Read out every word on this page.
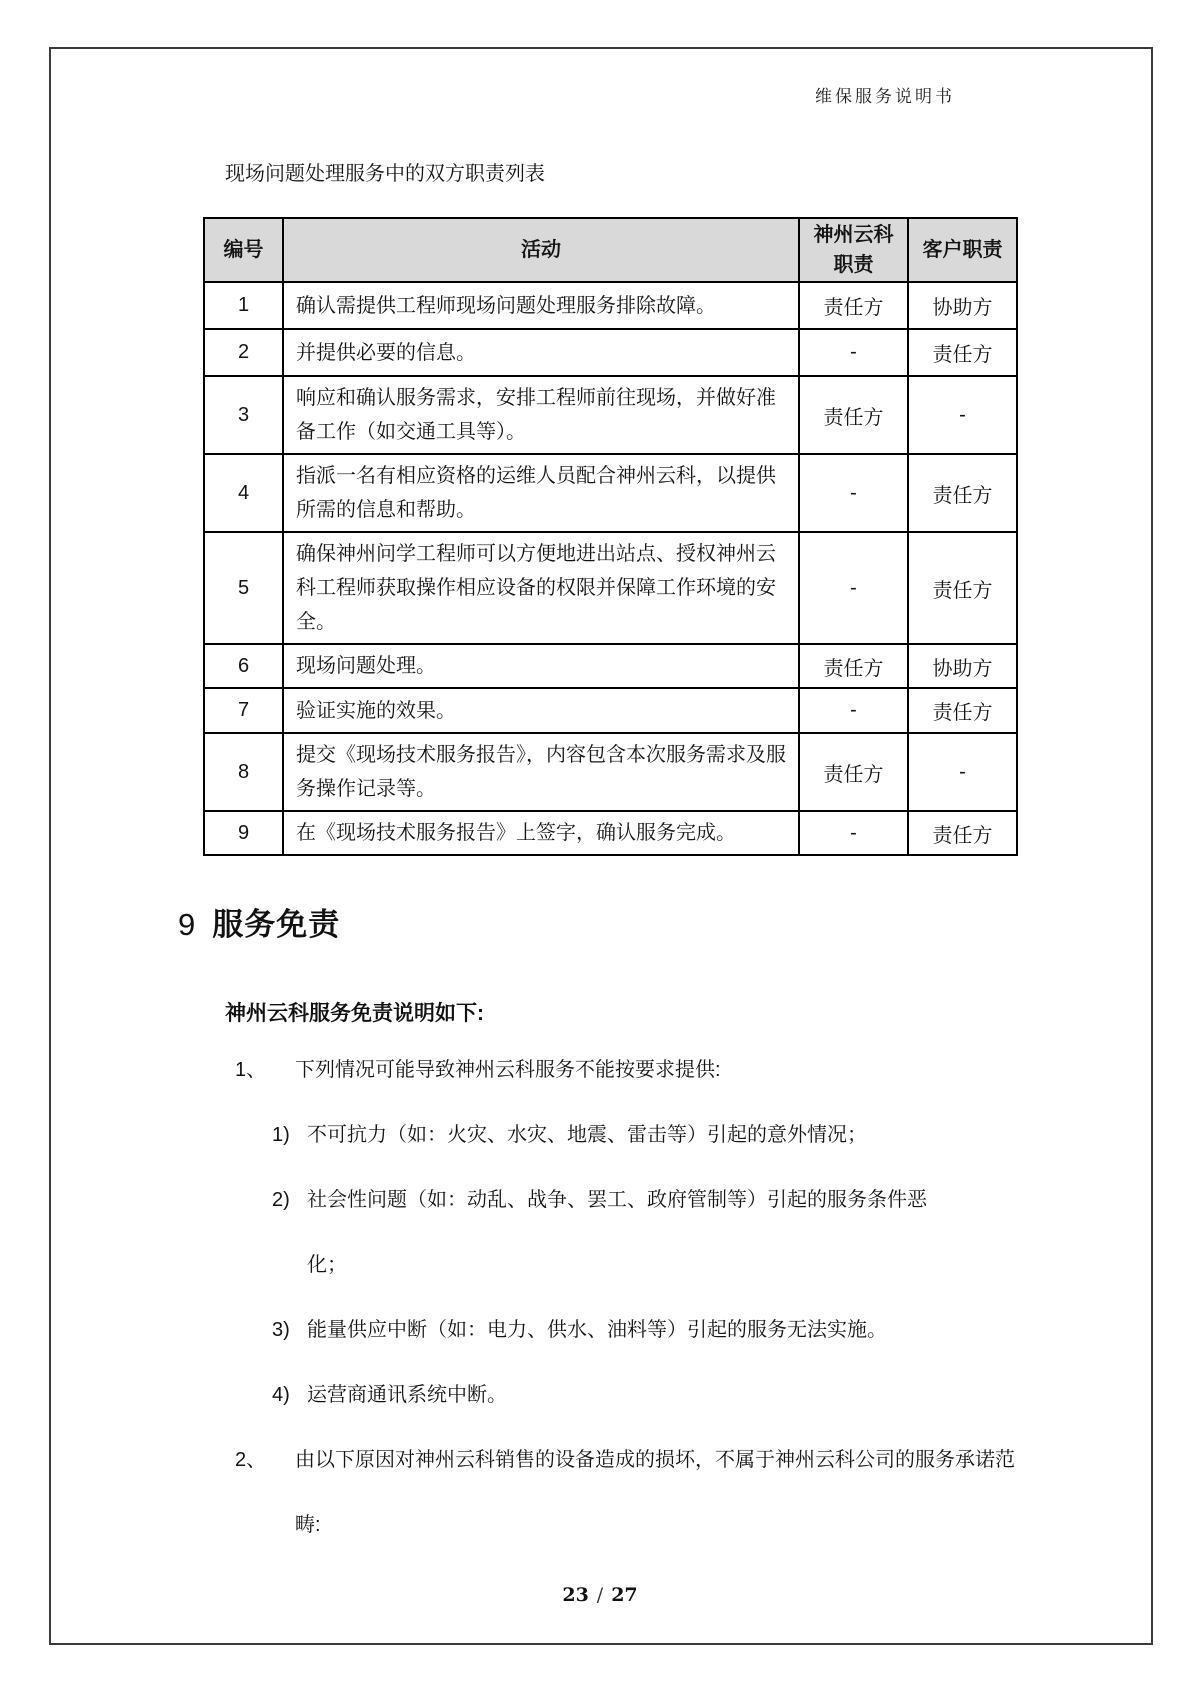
维保服务说明书
现场问题处理服务中的双方职责列表
编号	活动	神州云科职责	客户职责
1	确认需提供工程师现场问题处理服务排除故障。	责任方	协助方
2	并提供必要的信息。	-	责任方
3	响应和确认服务需求，安排工程师前往现场，并做好准备工作（如交通工具等）。	责任方	-
4	指派一名有相应资格的运维人员配合神州云科，以提供所需的信息和帮助。	-	责任方
5	确保神州问学工程师可以方便地进出站点、授权神州云科工程师获取操作相应设备的权限并保障工作环境的安全。	-	责任方
6	现场问题处理。	责任方	协助方
7	验证实施的效果。	-	责任方
8	提交《现场技术服务报告》，内容包含本次服务需求及服务操作记录等。	责任方	-
9	在《现场技术服务报告》上签字，确认服务完成。	-	责任方
9 服务免责
神州云科服务免责说明如下:
1、 下列情况可能导致神州云科服务不能按要求提供:
1) 不可抗力（如：火灾、水灾、地震、雷击等）引起的意外情况；
2) 社会性问题（如：动乱、战争、罢工、政府管制等）引起的服务条件恶化；
3) 能量供应中断（如：电力、供水、油料等）引起的服务无法实施。
4) 运营商通讯系统中断。
2、 由以下原因对神州云科销售的设备造成的损坏，不属于神州云科公司的服务承诺范畴:
23 / 27
